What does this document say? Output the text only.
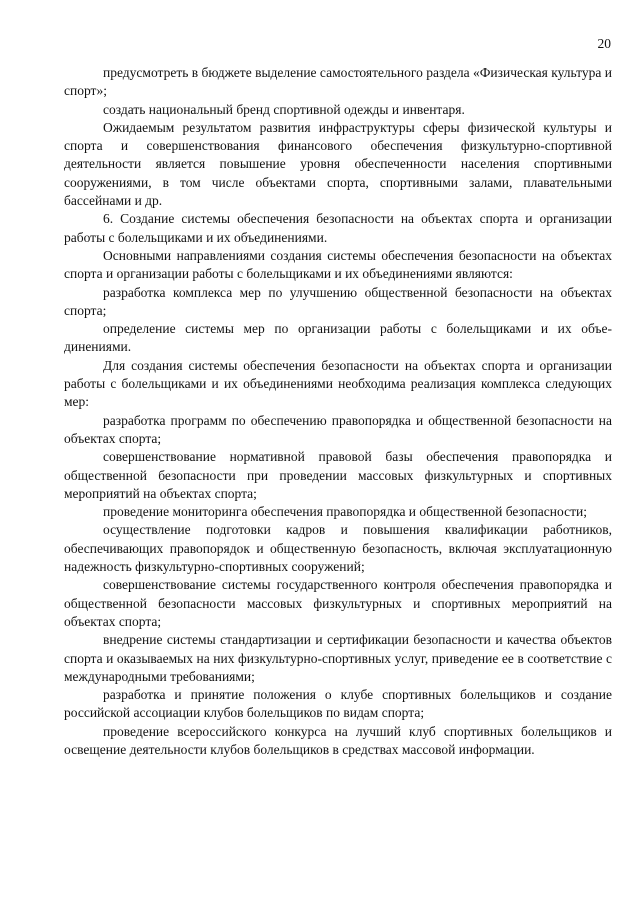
20

предусмотреть в бюджете выделение самостоятельного раздела «Физическая культура и спорт»;

создать национальный бренд спортивной одежды и инвентаря.

Ожидаемым результатом развития инфраструктуры сферы физической культуры и спорта и совершенствования финансового обеспечения физкультурно-спортивной деятельности является повышение уровня обеспеченности населения спортивными сооружениями, в том числе объектами спорта, спортивными залами, плавательными бассейнами и др.

6. Создание системы обеспечения безопасности на объектах спорта и организации работы с болельщиками и их объединениями.

Основными направлениями создания системы обеспечения безопасности на объектах спорта и организации работы с болельщиками и их объединениями являются:

разработка комплекса мер по улучшению общественной безопасности на объектах спорта;

определение системы мер по организации работы с болельщиками и их объединениями.

Для создания системы обеспечения безопасности на объектах спорта и организации работы с болельщиками и их объединениями необходима реализация комплекса следующих мер:

разработка программ по обеспечению правопорядка и общественной безопасности на объектах спорта;

совершенствование нормативной правовой базы обеспечения правопорядка и общественной безопасности при проведении массовых физкультурных и спортивных мероприятий на объектах спорта;

проведение мониторинга обеспечения правопорядка и общественной безопасности;

осуществление подготовки кадров и повышения квалификации работников, обеспечивающих правопорядок и общественную безопасность, включая эксплуатационную надежность физкультурно-спортивных сооружений;

совершенствование системы государственного контроля обеспечения правопорядка и общественной безопасности массовых физкультурных и спортивных мероприятий на объектах спорта;

внедрение системы стандартизации и сертификации безопасности и качества объектов спорта и оказываемых на них физкультурно-спортивных услуг, приведение ее в соответствие с международными требованиями;

разработка и принятие положения о клубе спортивных болельщиков и создание российской ассоциации клубов болельщиков по видам спорта;

проведение всероссийского конкурса на лучший клуб спортивных болельщиков и освещение деятельности клубов болельщиков в средствах массовой информации.
